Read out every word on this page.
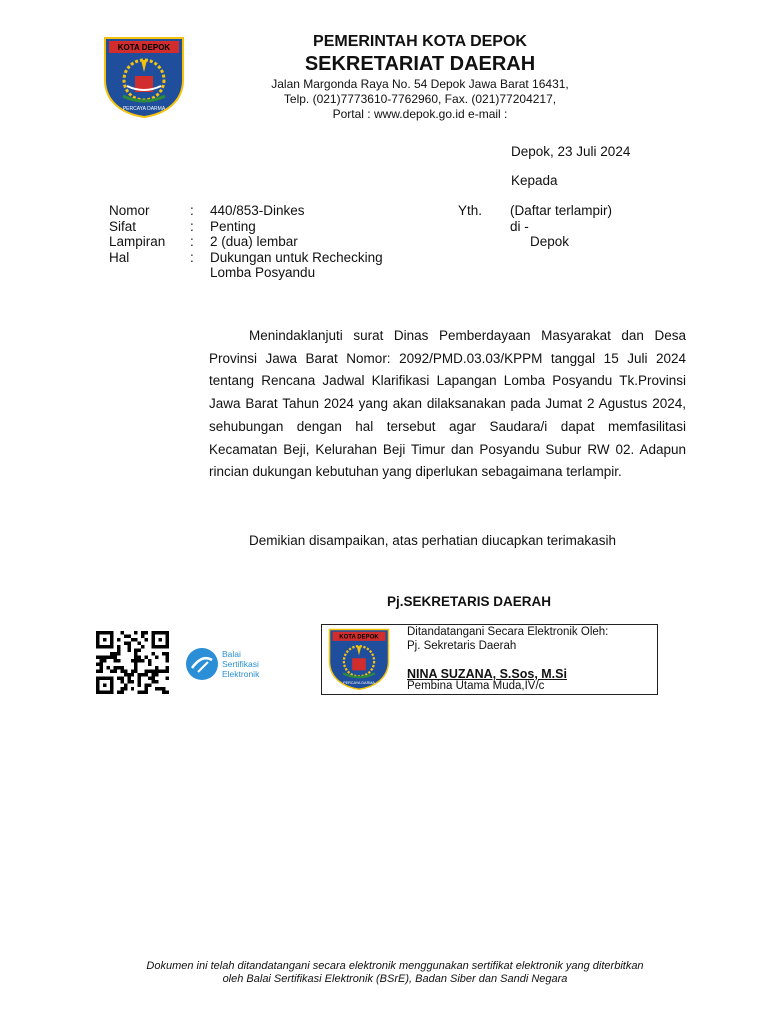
KOTA DEPOK
PERCAYA DARMA
PEMERINTAH KOTA DEPOK
SEKRETARIAT DAERAH
Jalan Margonda Raya No. 54 Depok Jawa Barat 16431,
Telp. (021)7773610-7762960, Fax. (021)77204217,
Portal : www.depok.go.id e-mail :
Depok, 23 Juli 2024
Kepada
Nomor	:	440/853-Dinkes
Sifat	:	Penting
Lampiran	:	2 (dua) lembar
Hal	:	Dukungan untuk Rechecking Lomba Posyandu
Yth.	(Daftar terlampir)
di -
Depok
Menindaklanjuti surat Dinas Pemberdayaan Masyarakat dan Desa Provinsi Jawa Barat Nomor: 2092/PMD.03.03/KPPM tanggal 15 Juli 2024 tentang Rencana Jadwal Klarifikasi Lapangan Lomba Posyandu Tk.Provinsi Jawa Barat Tahun 2024 yang akan dilaksanakan pada Jumat 2 Agustus 2024, sehubungan dengan hal tersebut agar Saudara/i dapat memfasilitasi Kecamatan Beji, Kelurahan Beji Timur dan Posyandu Subur RW 02. Adapun rincian dukungan kebutuhan yang diperlukan sebagaimana terlampir.
Demikian disampaikan, atas perhatian diucapkan terimakasih
Pj.SEKRETARIS DAERAH
Balai
Sertifikasi
Elektronik
KOTA DEPOK
PERCAYA DARMA
Ditandatangani Secara Elektronik Oleh:
Pj. Sekretaris Daerah
NINA SUZANA, S.Sos, M.Si
Pembina Utama Muda,IV/c
Dokumen ini telah ditandatangani secara elektronik menggunakan sertifikat elektronik yang diterbitkan
oleh Balai Sertifikasi Elektronik (BSrE), Badan Siber dan Sandi Negara
